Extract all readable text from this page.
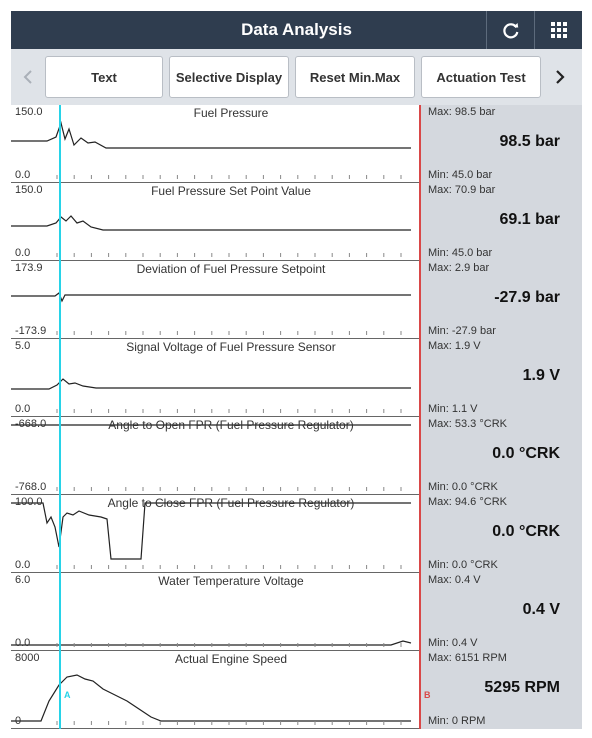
Data Analysis
Text	Selective Display	Reset Min.Max	Actuation Test
150.0
0.0
Fuel Pressure	Max: 98.5 bar
98.5 bar
Min: 45.0 bar
150.0
0.0
Fuel Pressure Set Point Value	Max: 70.9 bar
69.1 bar
Min: 45.0 bar
173.9
-173.9
Deviation of Fuel Pressure Setpoint	Max: 2.9 bar
-27.9 bar
Min: -27.9 bar
5.0
0.0
Signal Voltage of Fuel Pressure Sensor	Max: 1.9 V
1.9 V
Min: 1.1 V
-668.0
-768.0
Angle to Open FPR (Fuel Pressure Regulator)	Max: 53.3 °CRK
0.0 °CRK
Min: 0.0 °CRK
100.0
0.0
Angle to Close FPR (Fuel Pressure Regulator)	Max: 94.6 °CRK
0.0 °CRK
Min: 0.0 °CRK
6.0
0.0
Water Temperature Voltage	Max: 0.4 V
0.4 V
Min: 0.4 V
8000
0
Actual Engine Speed	Max: 6151 RPM
5295 RPM
Min: 0 RPM
A	B
